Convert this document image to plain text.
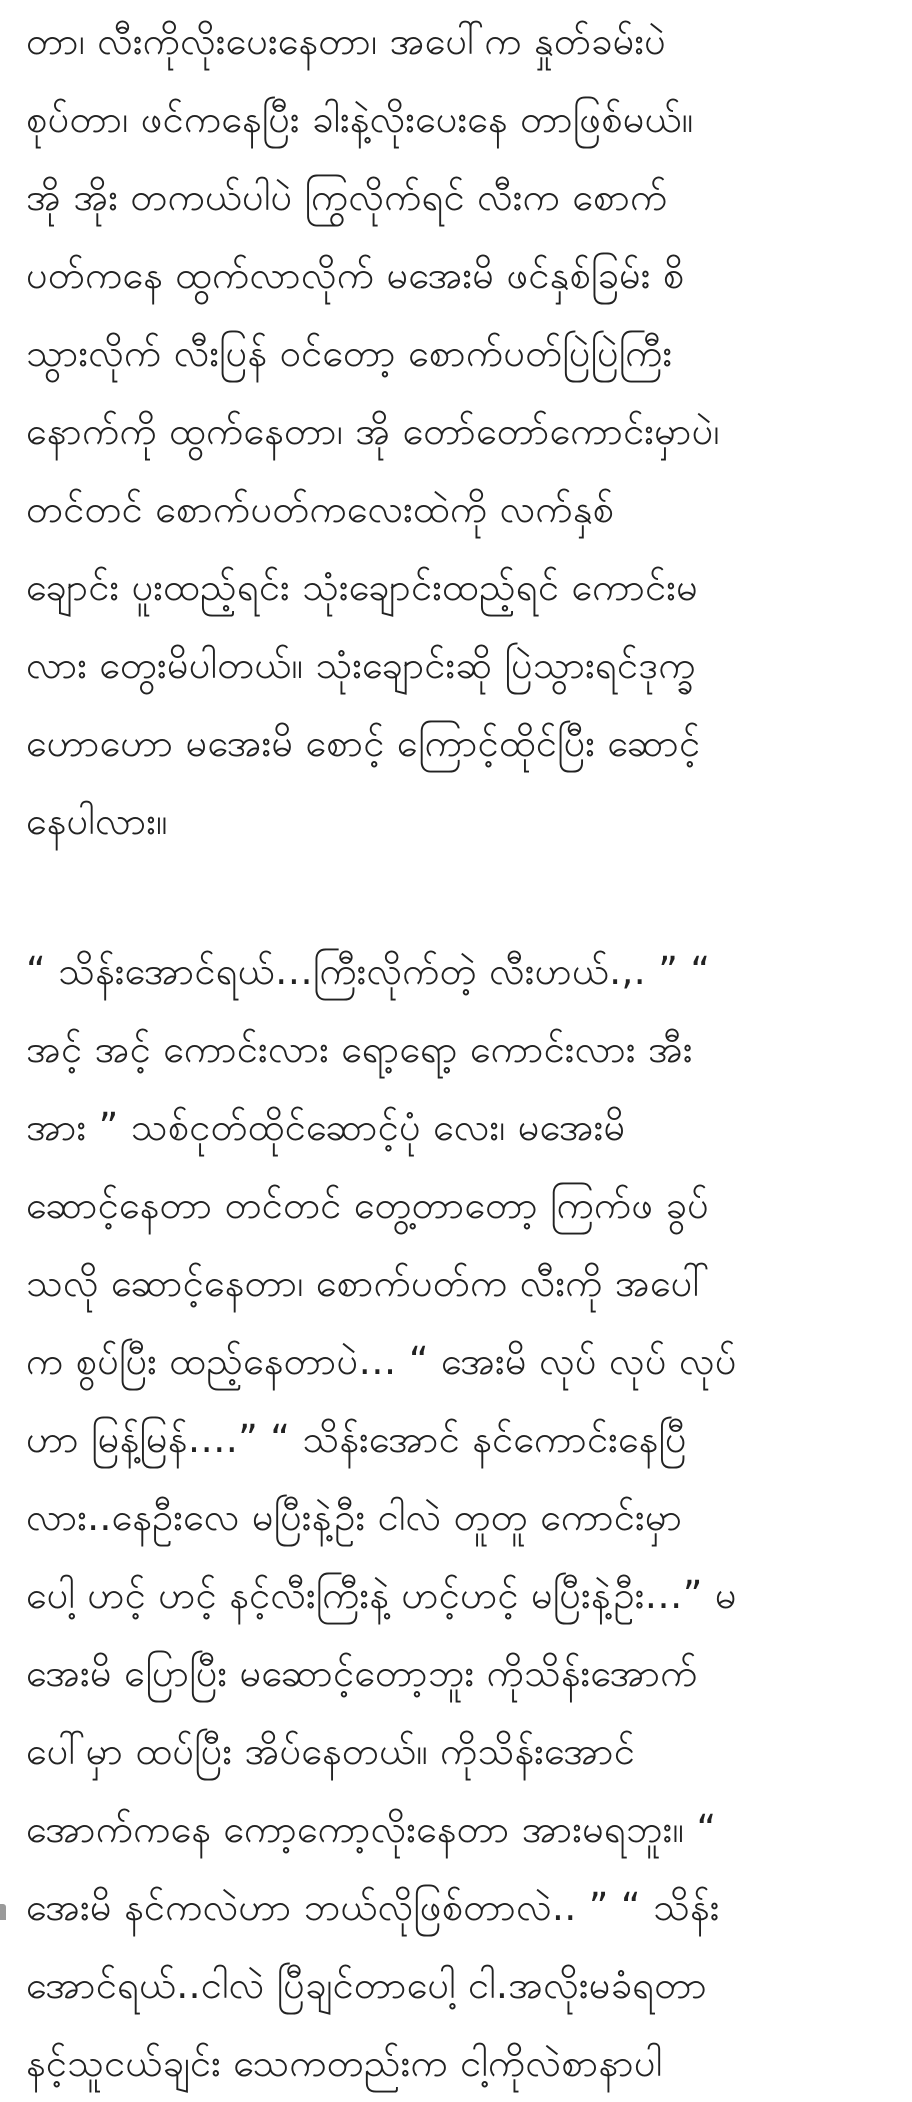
တာ၊ လီးကိုလိုးပေးနေတာ၊ အပေါ်က နှုတ်ခမ်းပဲ
စုပ်တာ၊ ဖင်ကနေပြီး ခါးနဲ့လိုးပေးနေ တာဖြစ်မယ်။
အို အိုး တကယ်ပါပဲ ကြွလိုက်ရင် လီးက စောက်
ပတ်ကနေ ထွက်လာလိုက် မအေးမိ ဖင်နှစ်ခြမ်း စိ
သွားလိုက် လီးပြန် ဝင်တော့ စောက်ပတ်ပြဲပြဲကြီး
နောက်ကို ထွက်နေတာ၊ အို တော်တော်ကောင်းမှာပဲ၊
တင်တင် စောက်ပတ်ကလေးထဲကို လက်နှစ်
ချောင်း ပူးထည့်ရင်း သုံးချောင်းထည့်ရင် ကောင်းမ
လား တွေးမိပါတယ်။ သုံးချောင်းဆို ပြဲသွားရင်ဒုက္ခ
ဟောဟော မအေးမိ စောင့် ကြောင့်ထိုင်ပြီး ဆောင့်
နေပါလား။

“ သိန်းအောင်ရယ်…ကြီးလိုက်တဲ့ လီးဟယ်.,. ” “
အင့် အင့် ကောင်းလား ရော့ရော့ ကောင်းလား အီး
အား ” သစ်ငုတ်ထိုင်ဆောင့်ပုံ လေး၊ မအေးမိ
ဆောင့်နေတာ တင်တင် တွေ့တာတော့ ကြက်ဖ ခွပ်
သလို ဆောင့်နေတာ၊ စောက်ပတ်က လီးကို အပေါ်
က စွပ်ပြီး ထည့်နေတာပဲ… “ အေးမိ လုပ် လုပ် လုပ်
ဟာ မြန့်မြန်….” “ သိန်းအောင် နင်ကောင်းနေပြီ
လား..နေဦးလေ မပြီးနဲ့ဦး ငါလဲ တူတူ ကောင်းမှာ
ပေါ့ ဟင့် ဟင့် နင့်လီးကြီးနဲ့ ဟင့်ဟင့် မပြီးနဲ့ဦး…” မ
အေးမိ ပြောပြီး မဆောင့်တော့ဘူး ကိုသိန်းအောက်
ပေါ်မှာ ထပ်ပြီး အိပ်နေတယ်။ ကိုသိန်းအောင်
အောက်ကနေ ကော့ကော့လိုးနေတာ အားမရဘူး။ “
အေးမိ နင်ကလဲဟာ ဘယ်လိုဖြစ်တာလဲ.. ” “ သိန်း
အောင်ရယ်..ငါလဲ ပြီချင်တာပေါ့ ငါ.အလိုးမခံရတာ
နင့်သူငယ်ချင်း သေကတည်းက ငါ့ကိုလဲစာနာပါ
